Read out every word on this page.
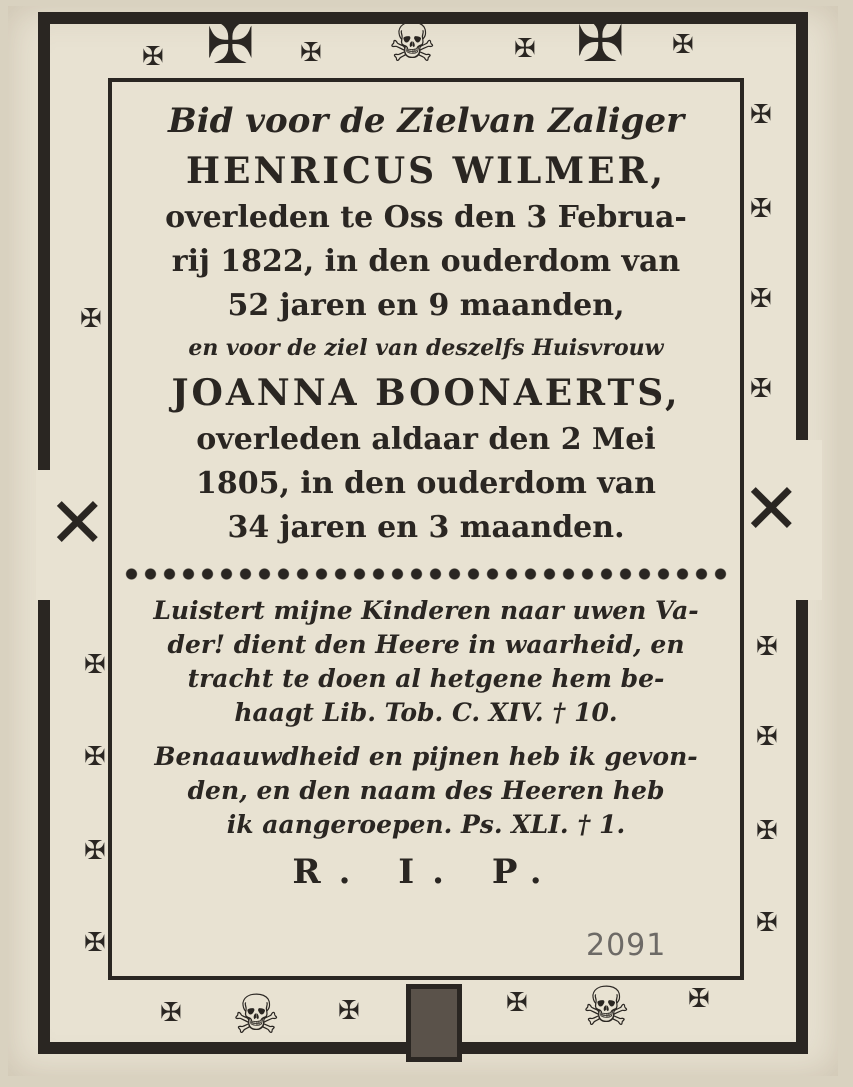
✠
✠	✠ ☠	✠ ✠ ✠
✠
✠
✠
✠
✠
✠
✠
✠
✠
✠
✠
✠
✠
✕	✕
✠ ☠ ✠	✠ ☠ ✠
Bid voor de Zielvan Zaliger
HENRICUS WILMER,
overleden te Oss den 3 Februa-
rij 1822, in den ouderdom van
52 jaren en 9 maanden,
en voor de ziel van deszelfs Huisvrouw
JOANNA BOONAERTS,
overleden aldaar den 2 Mei
1805, in den ouderdom van
34 jaren en 3 maanden.
Luistert mijne Kinderen naar uwen Va-
der! dient den Heere in waarheid, en
tracht te doen al hetgene hem be-
haagt Lib. Tob. C. XIV. † 10.
Benaauwdheid en pijnen heb ik gevon-
den, en den naam des Heeren heb
ik aangeroepen. Ps. XLI. † 1.
R. I. P.
2091
